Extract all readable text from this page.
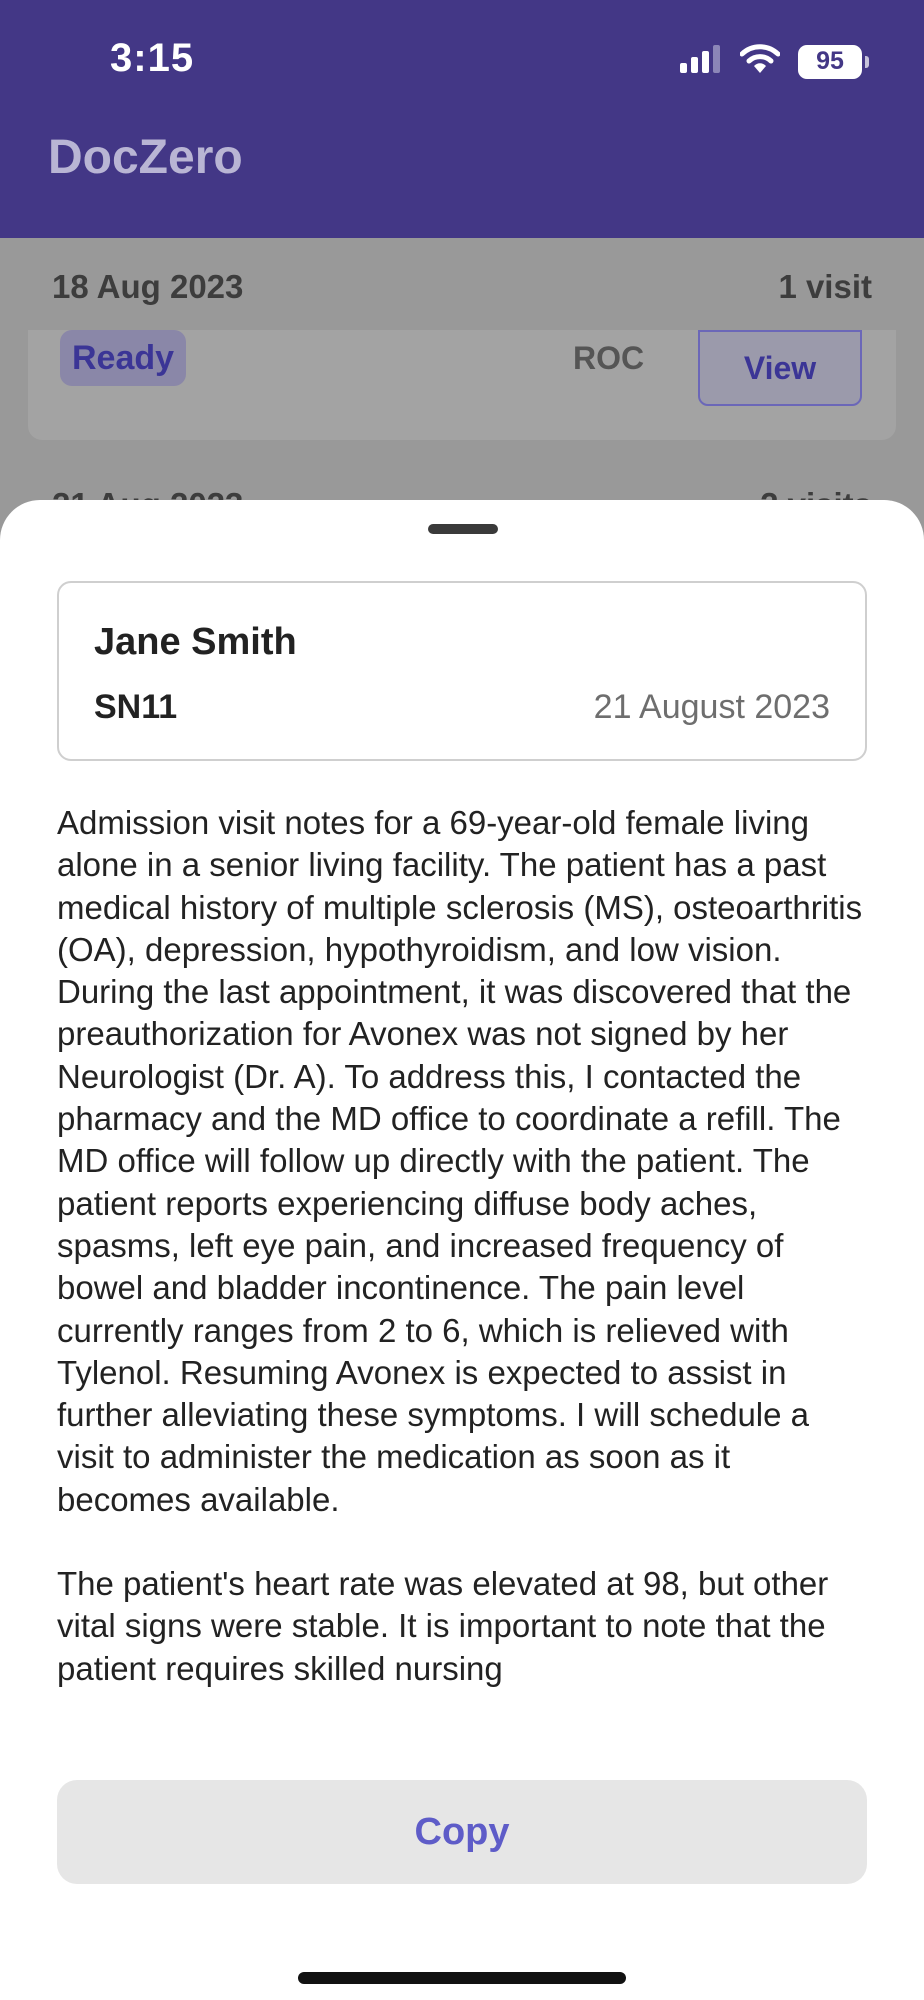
3:15	95
DocZero
18 Aug 2023	1 visit
Ready	ROC	View
Jane Smith
SN11	21 August 2023

Admission visit notes for a 69-year-old female living alone in a senior living facility. The patient has a past medical history of multiple sclerosis (MS), osteoarthritis (OA), depression, hypothyroidism, and low vision. During the last appointment, it was discovered that the preauthorization for Avonex was not signed by her Neurologist (Dr. A). To address this, I contacted the pharmacy and the MD office to coordinate a refill. The MD office will follow up directly with the patient. The patient reports experiencing diffuse body aches, spasms, left eye pain, and increased frequency of bowel and bladder incontinence. The pain level currently ranges from 2 to 6, which is relieved with Tylenol. Resuming Avonex is expected to assist in further alleviating these symptoms. I will schedule a visit to administer the medication as soon as it becomes available.

The patient's heart rate was elevated at 98, but other vital signs were stable. It is important to note that the patient requires skilled nursing

Copy
